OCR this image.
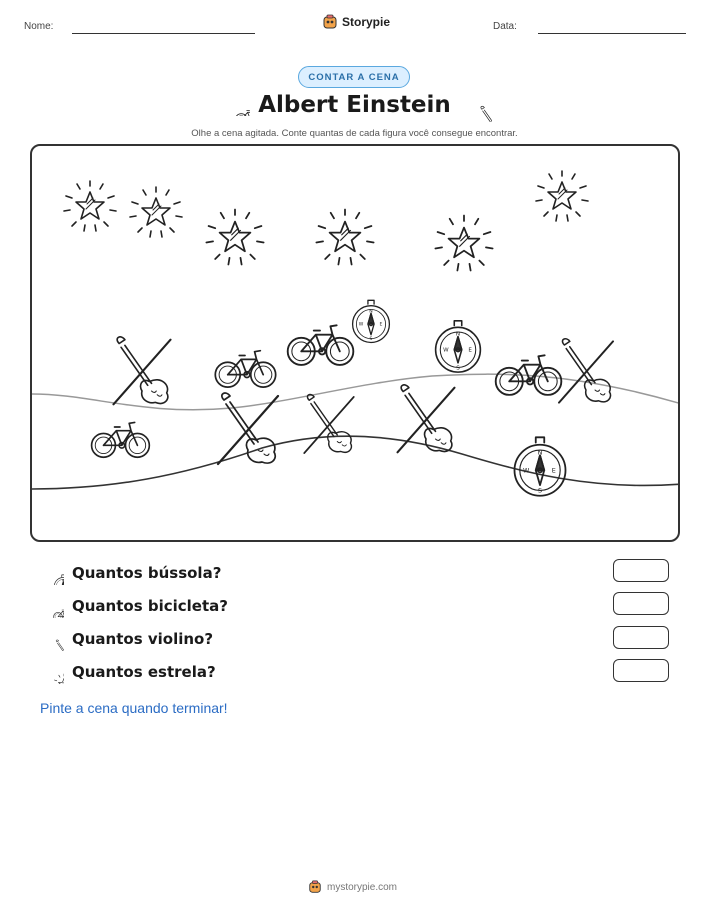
Nome:	Storypie	Data:
CONTAR A CENA
Albert Einstein
Olhe a cena agitada. Conte quantas de cada figura você consegue encontrar.
Quantos bússola?
Quantos bicicleta?
Quantos violino?
Quantos estrela?
Pinte a cena quando terminar!
mystorypie.com
